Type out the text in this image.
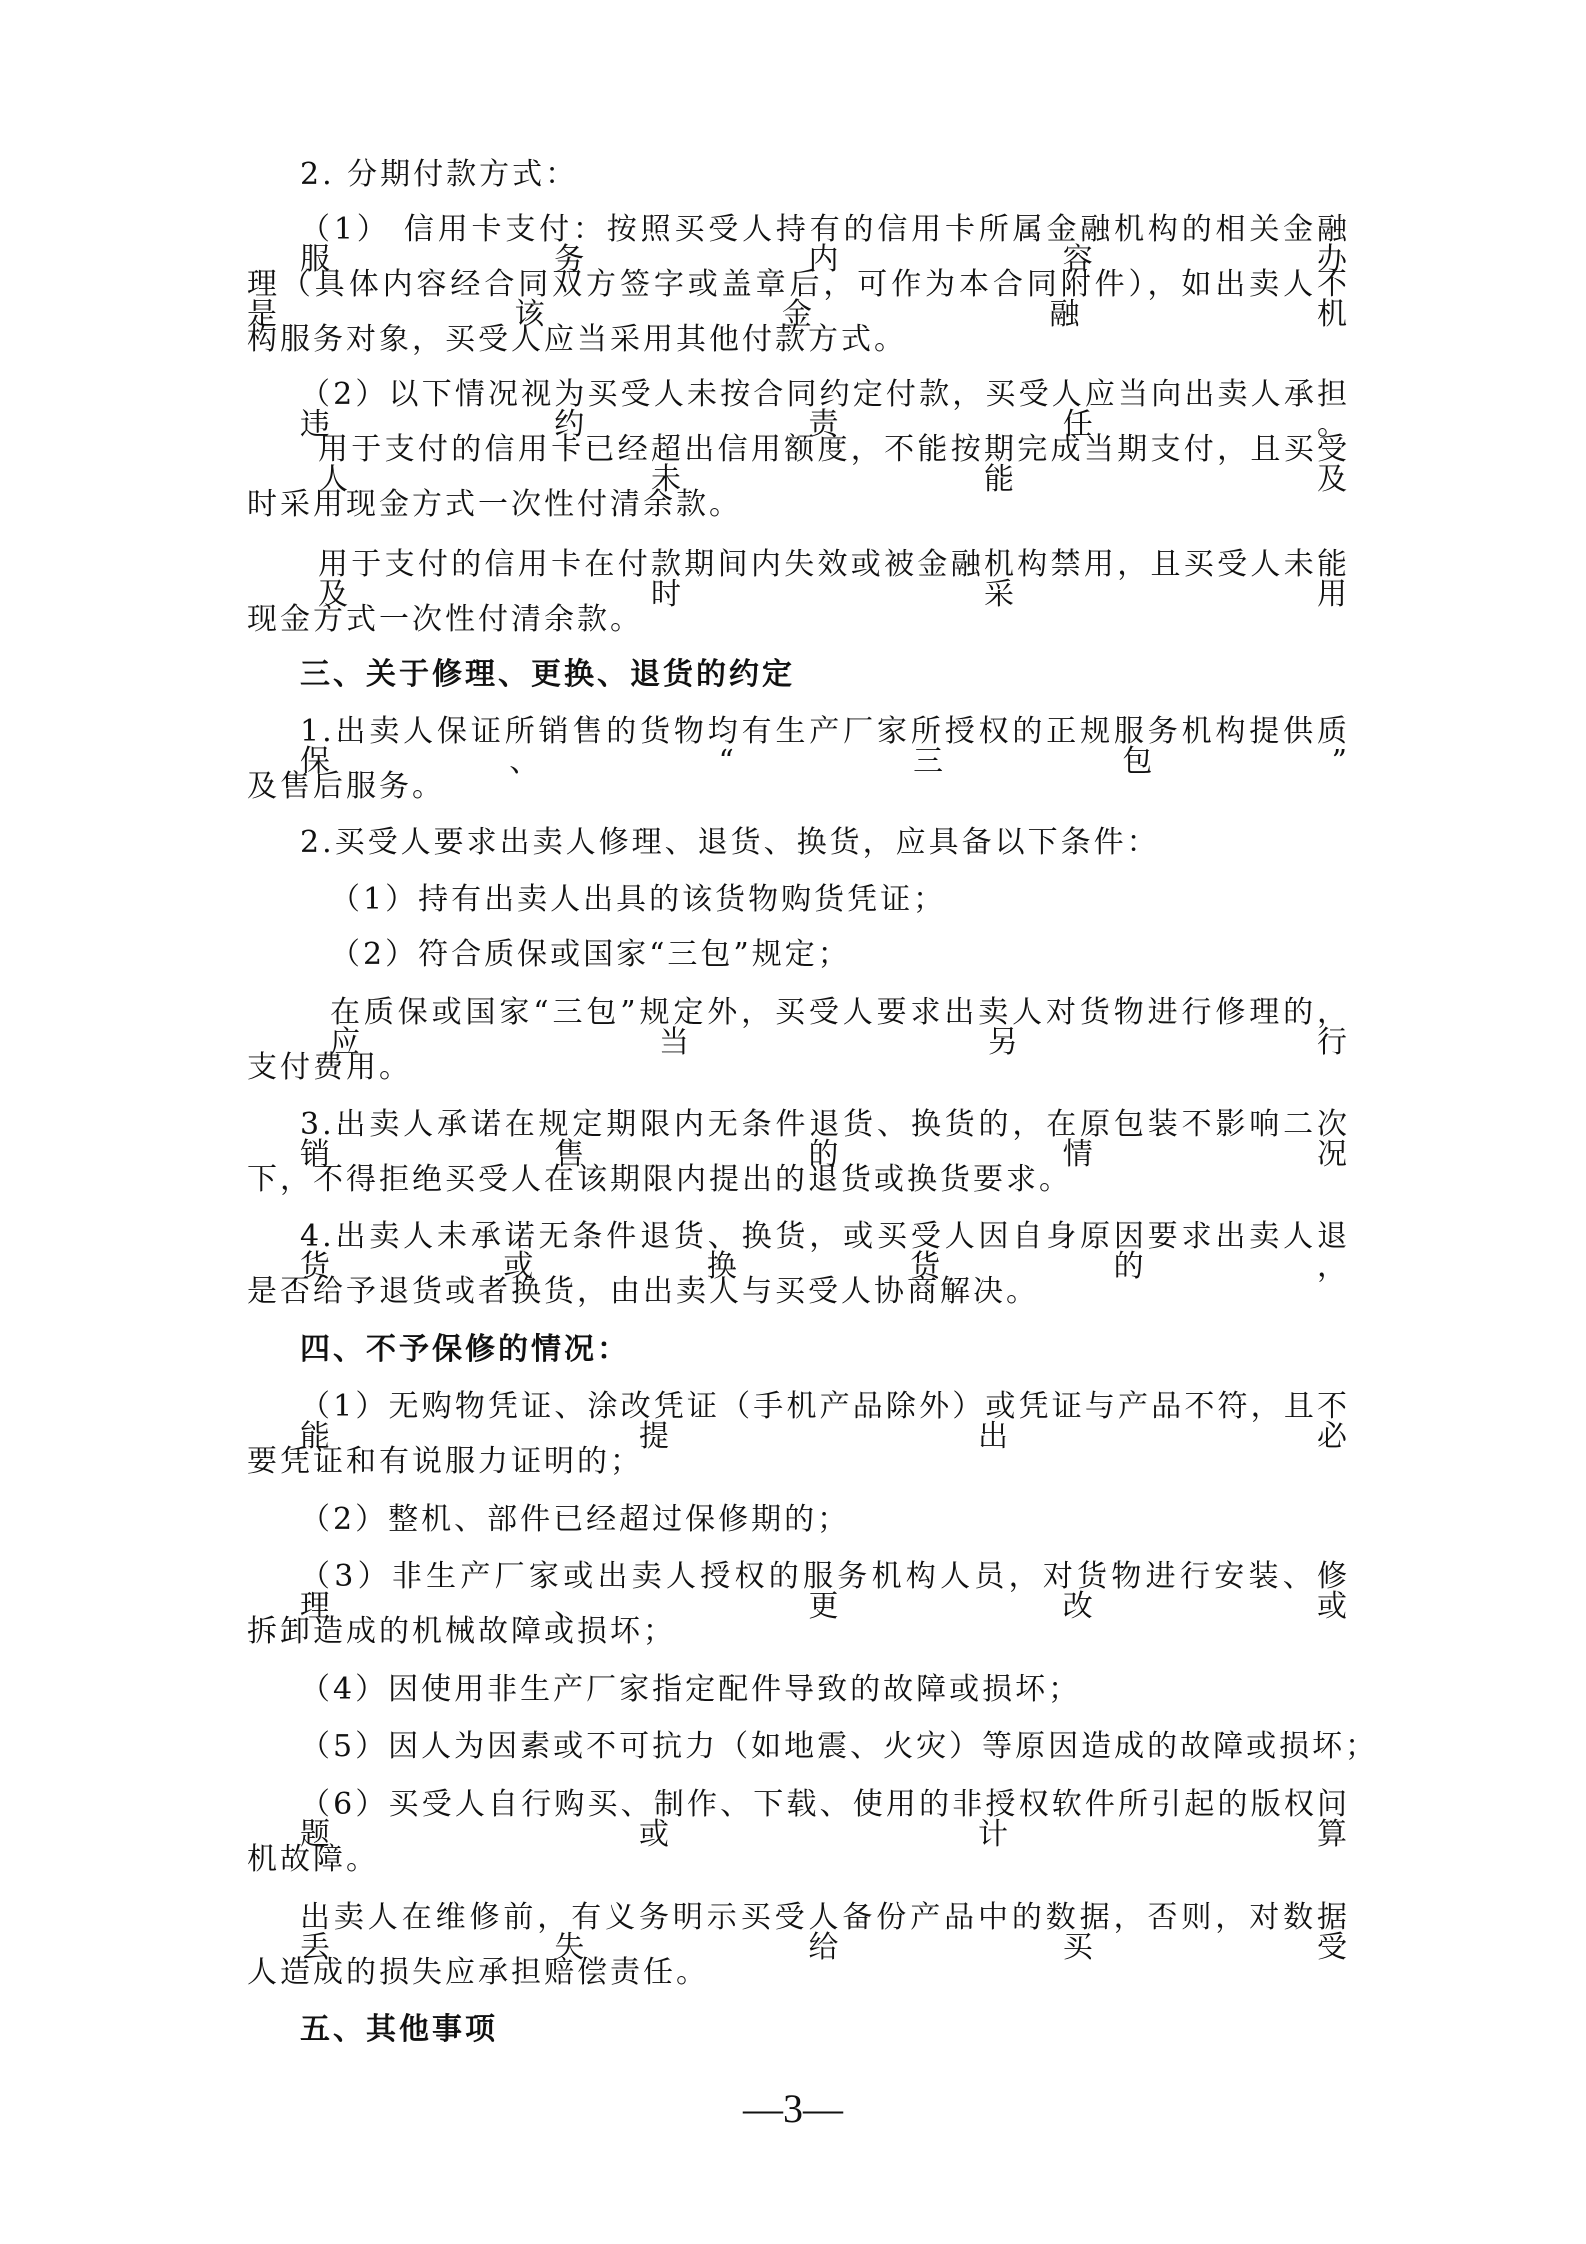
2. 分期付款方式：
（1） 信用卡支付：按照买受人持有的信用卡所属金融机构的相关金融服务内容办
理（具体内容经合同双方签字或盖章后，可作为本合同附件），如出卖人不是该金融机
构服务对象，买受人应当采用其他付款方式。
（2）以下情况视为买受人未按合同约定付款，买受人应当向出卖人承担违约责任。
用于支付的信用卡已经超出信用额度，不能按期完成当期支付，且买受人未能及
时采用现金方式一次性付清余款。
用于支付的信用卡在付款期间内失效或被金融机构禁用，且买受人未能及时采用
现金方式一次性付清余款。
三、关于修理、更换、退货的约定
1.出卖人保证所销售的货物均有生产厂家所授权的正规服务机构提供质保、“三包”
及售后服务。
2.买受人要求出卖人修理、退货、换货，应具备以下条件：
（1）持有出卖人出具的该货物购货凭证；
（2）符合质保或国家“三包”规定；
在质保或国家“三包”规定外，买受人要求出卖人对货物进行修理的，应当另行
支付费用。
3.出卖人承诺在规定期限内无条件退货、换货的，在原包装不影响二次销售的情况
下，不得拒绝买受人在该期限内提出的退货或换货要求。
4.出卖人未承诺无条件退货、换货，或买受人因自身原因要求出卖人退货或换货的，
是否给予退货或者换货，由出卖人与买受人协商解决。
四、不予保修的情况：
（1）无购物凭证、涂改凭证（手机产品除外）或凭证与产品不符，且不能提出必
要凭证和有说服力证明的；
（2）整机、部件已经超过保修期的；
（3）非生产厂家或出卖人授权的服务机构人员，对货物进行安装、修理、更改或
拆卸造成的机械故障或损坏；
（4）因使用非生产厂家指定配件导致的故障或损坏；
（5）因人为因素或不可抗力（如地震、火灾）等原因造成的故障或损坏；
（6）买受人自行购买、制作、下载、使用的非授权软件所引起的版权问题或计算
机故障。
出卖人在维修前，有义务明示买受人备份产品中的数据，否则，对数据丢失给买受
人造成的损失应承担赔偿责任。
五、其他事项
—3—
